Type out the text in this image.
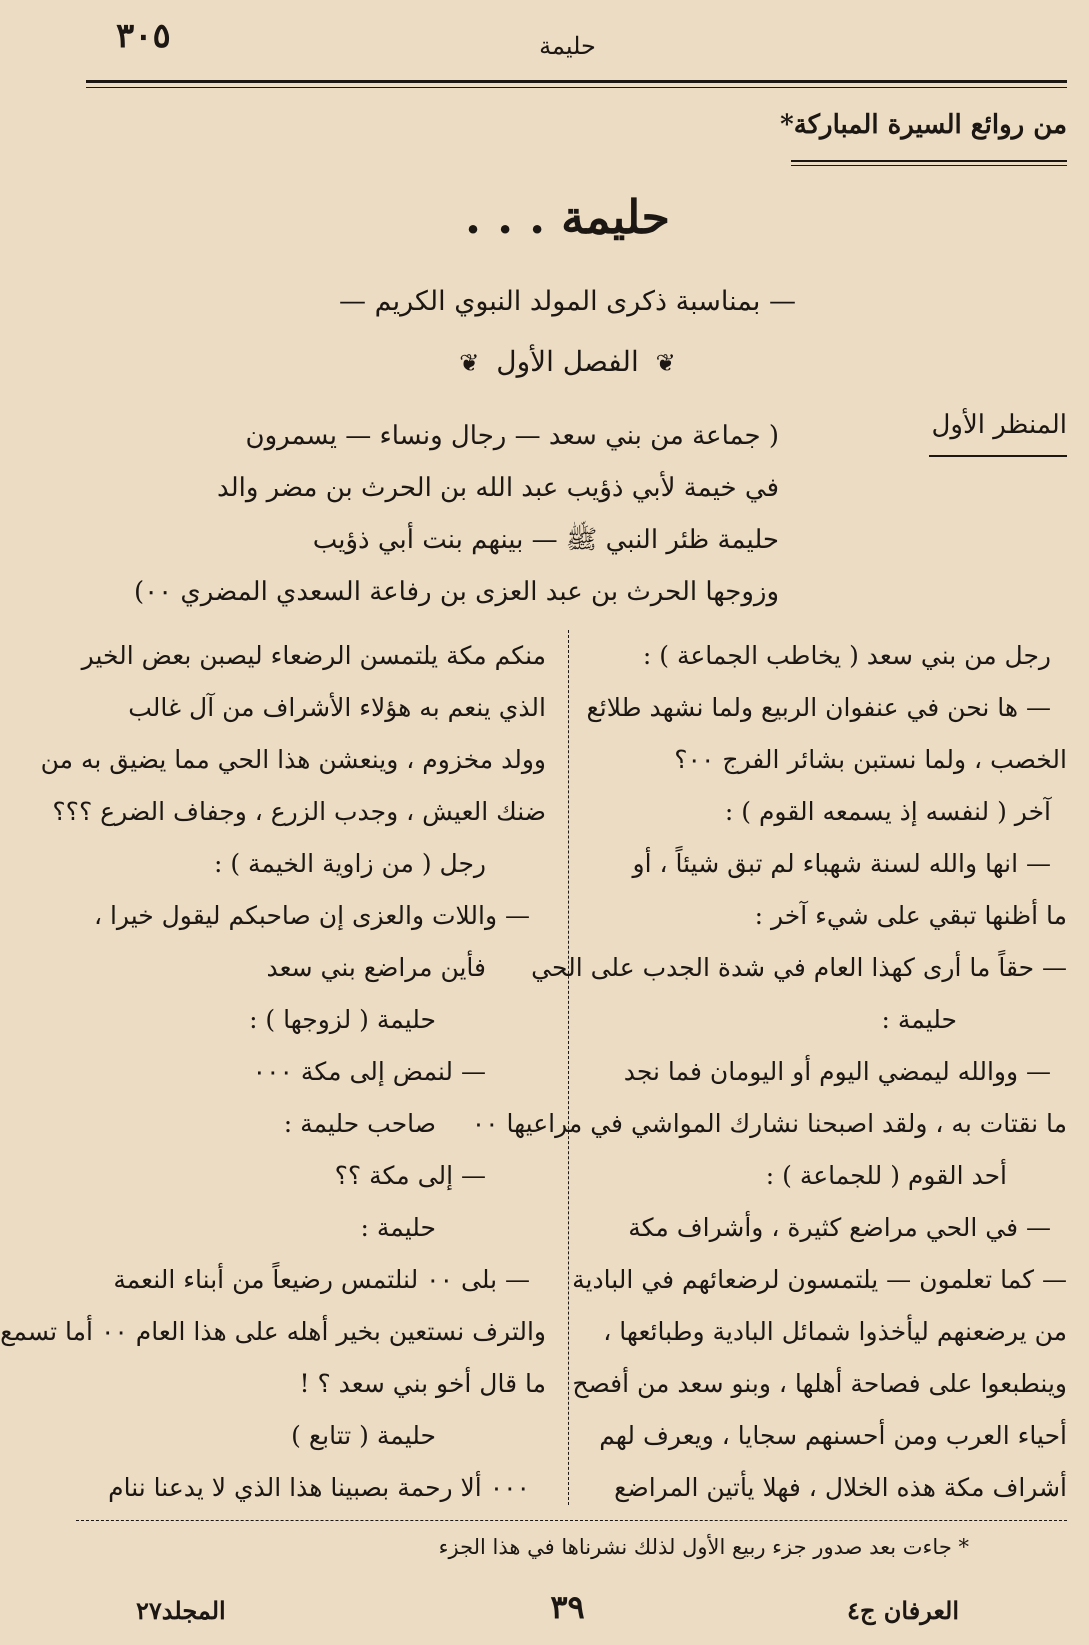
٣٠٥	حليمة
من روائع السيرة المباركة*
حليمة . . .
— بمناسبة ذكرى المولد النبوي الكريم —
❦ الفصل الأول ❦
المنظر الأول
( جماعة من بني سعد — رجال ونساء — يسمرون
في خيمة لأبي ذؤيب عبد الله بن الحرث بن مضر والد
حليمة ظئر النبي ﷺ — بينهم بنت أبي ذؤيب
وزوجها الحرث بن عبد العزى بن رفاعة السعدي المضري ٠٠)
رجل من بني سعد ( يخاطب الجماعة ) :
— ها نحن في عنفوان الربيع ولما نشهد طلائع
الخصب ، ولما نستبن بشائر الفرج ٠٠؟
آخر ( لنفسه إذ يسمعه القوم ) :
— انها والله لسنة شهباء لم تبق شيئاً ، أو
ما أظنها تبقي على شيء آخر :
— حقاً ما أرى كهذا العام في شدة الجدب على الحي
حليمة :
— ووالله ليمضي اليوم أو اليومان فما نجد
ما نقتات به ، ولقد اصبحنا نشارك المواشي في مراعيها ٠٠
أحد القوم ( للجماعة ) :
— في الحي مراضع كثيرة ، وأشراف مكة
— كما تعلمون — يلتمسون لرضعائهم في البادية
من يرضعنهم ليأخذوا شمائل البادية وطبائعها ،
وينطبعوا على فصاحة أهلها ، وبنو سعد من أفصح
أحياء العرب ومن أحسنهم سجايا ، ويعرف لهم
أشراف مكة هذه الخلال ، فهلا يأتين المراضع
منكم مكة يلتمسن الرضعاء ليصبن بعض الخير
الذي ينعم به هؤلاء الأشراف من آل غالب
وولد مخزوم ، وينعشن هذا الحي مما يضيق به من
ضنك العيش ، وجدب الزرع ، وجفاف الضرع ؟؟؟
رجل ( من زاوية الخيمة ) :
— واللات والعزى إن صاحبكم ليقول خيرا ،
فأين مراضع بني سعد
حليمة ( لزوجها ) :
— لنمض إلى مكة ٠٠٠
صاحب حليمة :
— إلى مكة ؟؟
حليمة :
— بلى ٠٠ لنلتمس رضيعاً من أبناء النعمة
والترف نستعين بخير أهله على هذا العام ٠٠ أما تسمع
ما قال أخو بني سعد ؟ !
حليمة ( تتابع )
٠٠٠ ألا رحمة بصبينا هذا الذي لا يدعنا ننام
* جاءت بعد صدور جزء ربيع الأول لذلك نشرناها في هذا الجزء
العرفان ج٤
٣٩
المجلد٢٧
